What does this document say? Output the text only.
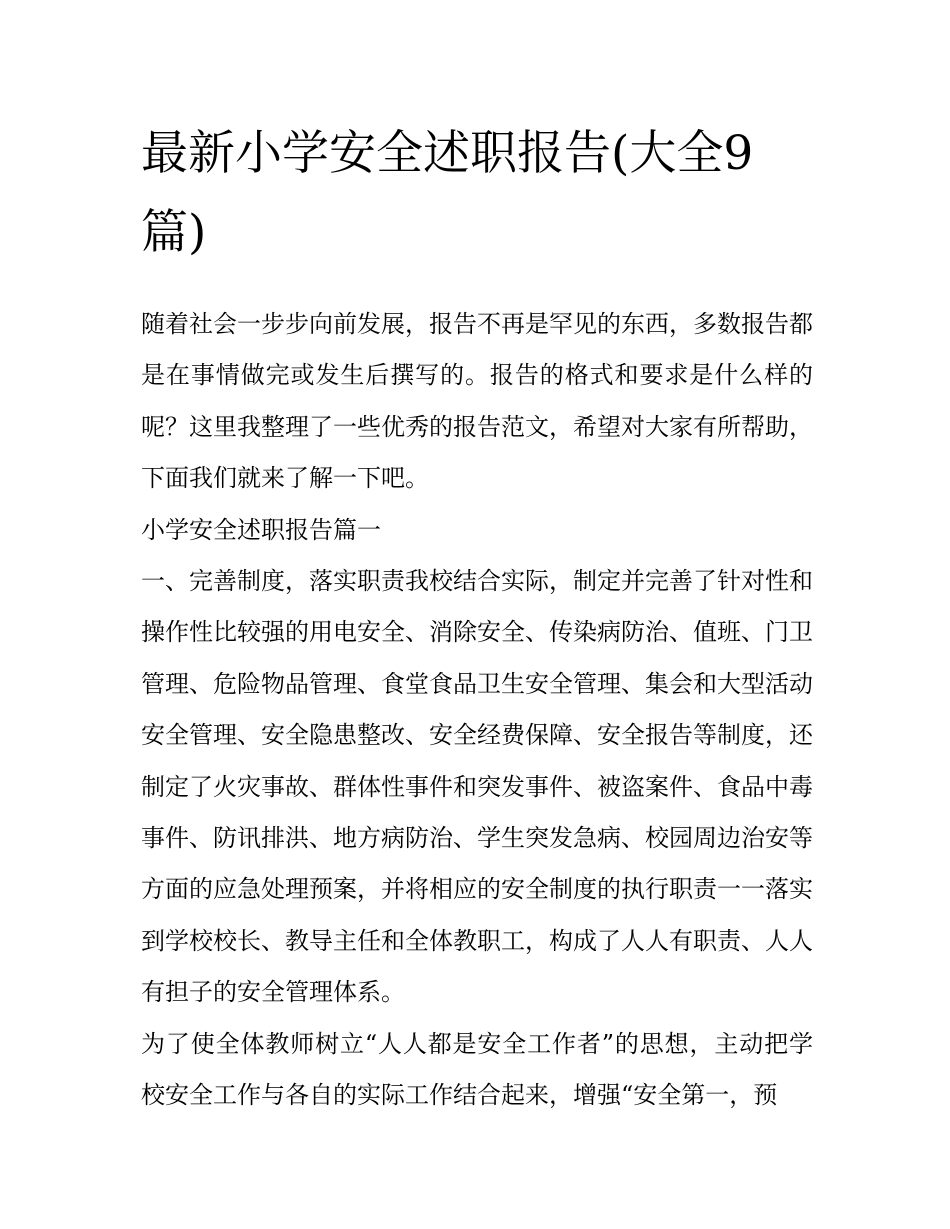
最新小学安全述职报告(大全9篇)

随着社会一步步向前发展，报告不再是罕见的东西，多数报告都是在事情做完或发生后撰写的。报告的格式和要求是什么样的呢？这里我整理了一些优秀的报告范文，希望对大家有所帮助，下面我们就来了解一下吧。

小学安全述职报告篇一

一、完善制度，落实职责我校结合实际，制定并完善了针对性和操作性比较强的用电安全、消除安全、传染病防治、值班、门卫管理、危险物品管理、食堂食品卫生安全管理、集会和大型活动安全管理、安全隐患整改、安全经费保障、安全报告等制度，还制定了火灾事故、群体性事件和突发事件、被盗案件、食品中毒事件、防讯排洪、地方病防治、学生突发急病、校园周边治安等方面的应急处理预案，并将相应的安全制度的执行职责一一落实到学校校长、教导主任和全体教职工，构成了人人有职责、人人有担子的安全管理体系。

为了使全体教师树立“人人都是安全工作者”的思想，主动把学校安全工作与各自的实际工作结合起来，增强“安全第一，预
